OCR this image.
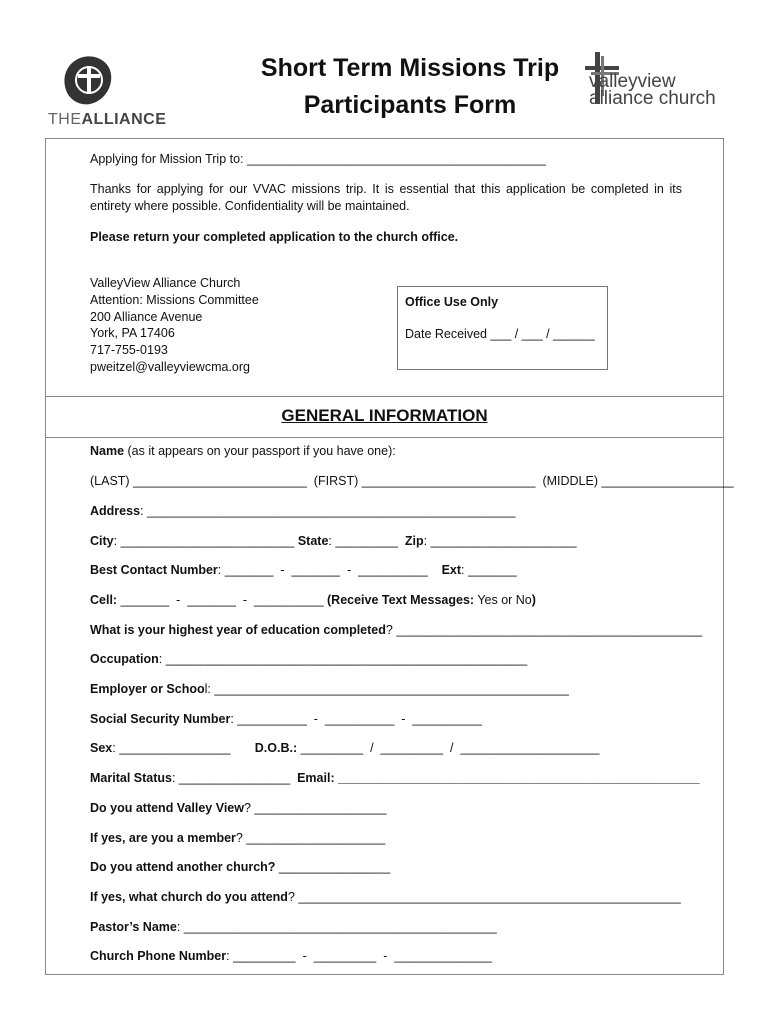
THEALLIANCE
Short Term Missions Trip
Participants Form
valleyview
alliance church
Applying for Mission Trip to: ___________________________________________
Thanks for applying for our VVAC missions trip. It is essential that this application be completed in its entirety where possible. Confidentiality will be maintained.
Please return your completed application to the church office.
ValleyView Alliance Church
Attention: Missions Committee
200 Alliance Avenue
York, PA 17406
717-755-0193
pweitzel@valleyviewcma.org
Office Use Only
Date Received ___ / ___ / ______
GENERAL INFORMATION
Name (as it appears on your passport if you have one):
(LAST) _________________________  (FIRST) _________________________  (MIDDLE) ___________________
Address: _____________________________________________________
City: _________________________ State: _________  Zip: _____________________
Best Contact Number: _______  -  _______  -  __________    Ext: _______
Cell: _______  -  _______  -  __________ (Receive Text Messages: Yes or No)
What is your highest year of education completed? ____________________________________________
Occupation: ____________________________________________________
Employer or School: ___________________________________________________
Social Security Number: __________  -  __________  -  __________
Sex: ________________       D.O.B.: _________  /  _________  /  ____________________
Marital Status: ________________  Email: ____________________________________________________
Do you attend Valley View? ___________________
If yes, are you a member? ____________________
Do you attend another church? ________________
If yes, what church do you attend? _______________________________________________________
Pastor’s Name: _____________________________________________
Church Phone Number: _________  -  _________  -  ______________
